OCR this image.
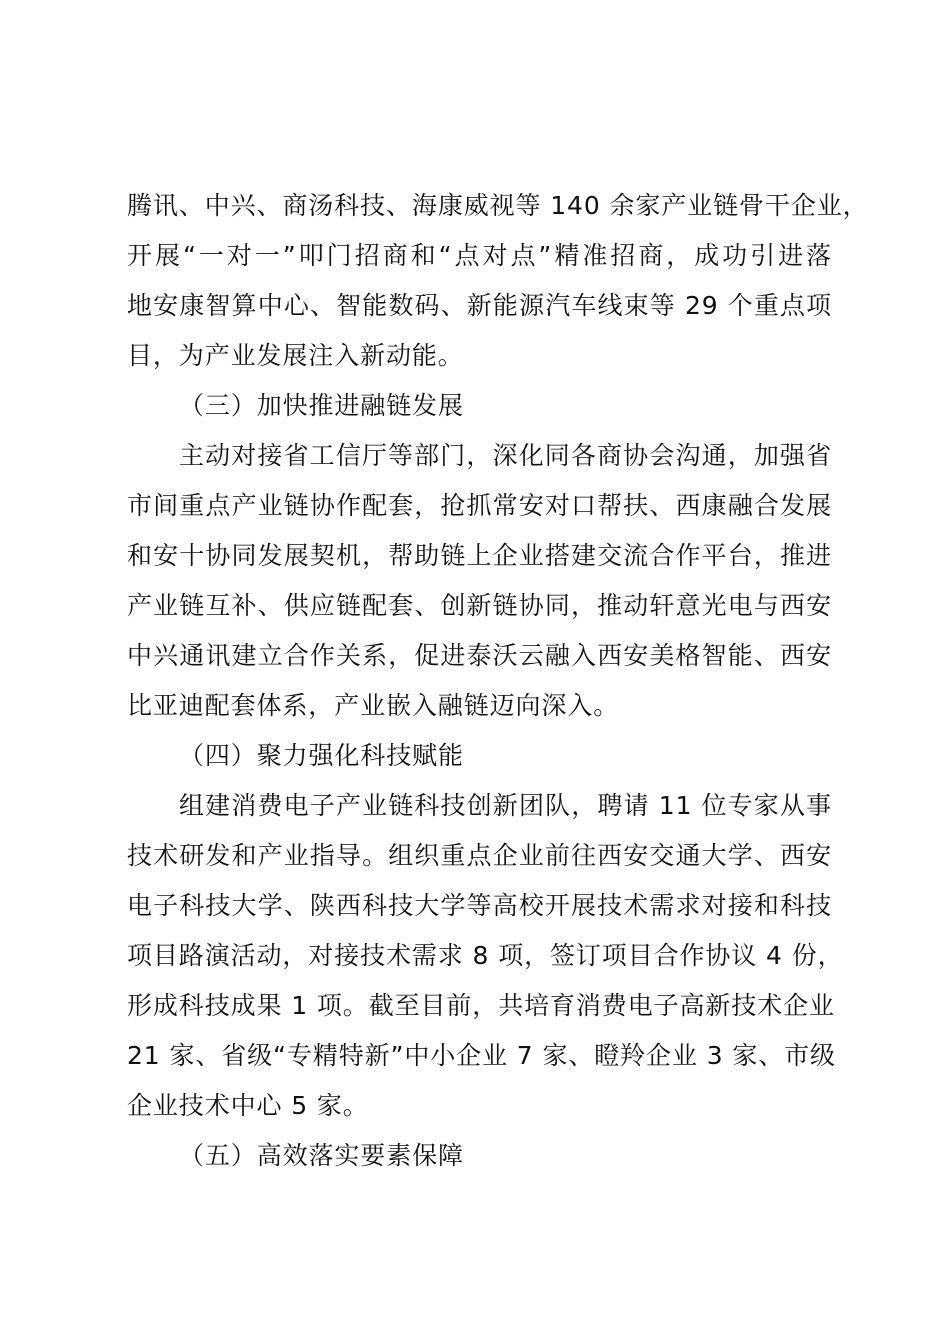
腾讯、中兴、商汤科技、海康威视等 140 余家产业链骨干企业，
开展“一对一”叩门招商和“点对点”精准招商，成功引进落
地安康智算中心、智能数码、新能源汽车线束等 29 个重点项
目，为产业发展注入新动能。
（三）加快推进融链发展
主动对接省工信厅等部门，深化同各商协会沟通，加强省
市间重点产业链协作配套，抢抓常安对口帮扶、西康融合发展
和安十协同发展契机，帮助链上企业搭建交流合作平台，推进
产业链互补、供应链配套、创新链协同，推动轩意光电与西安
中兴通讯建立合作关系，促进泰沃云融入西安美格智能、西安
比亚迪配套体系，产业嵌入融链迈向深入。
（四）聚力强化科技赋能
组建消费电子产业链科技创新团队，聘请 11 位专家从事
技术研发和产业指导。组织重点企业前往西安交通大学、西安
电子科技大学、陕西科技大学等高校开展技术需求对接和科技
项目路演活动，对接技术需求 8 项，签订项目合作协议 4 份，
形成科技成果 1 项。截至目前，共培育消费电子高新技术企业
21 家、省级“专精特新”中小企业 7 家、瞪羚企业 3 家、市级
企业技术中心 5 家。
（五）高效落实要素保障
